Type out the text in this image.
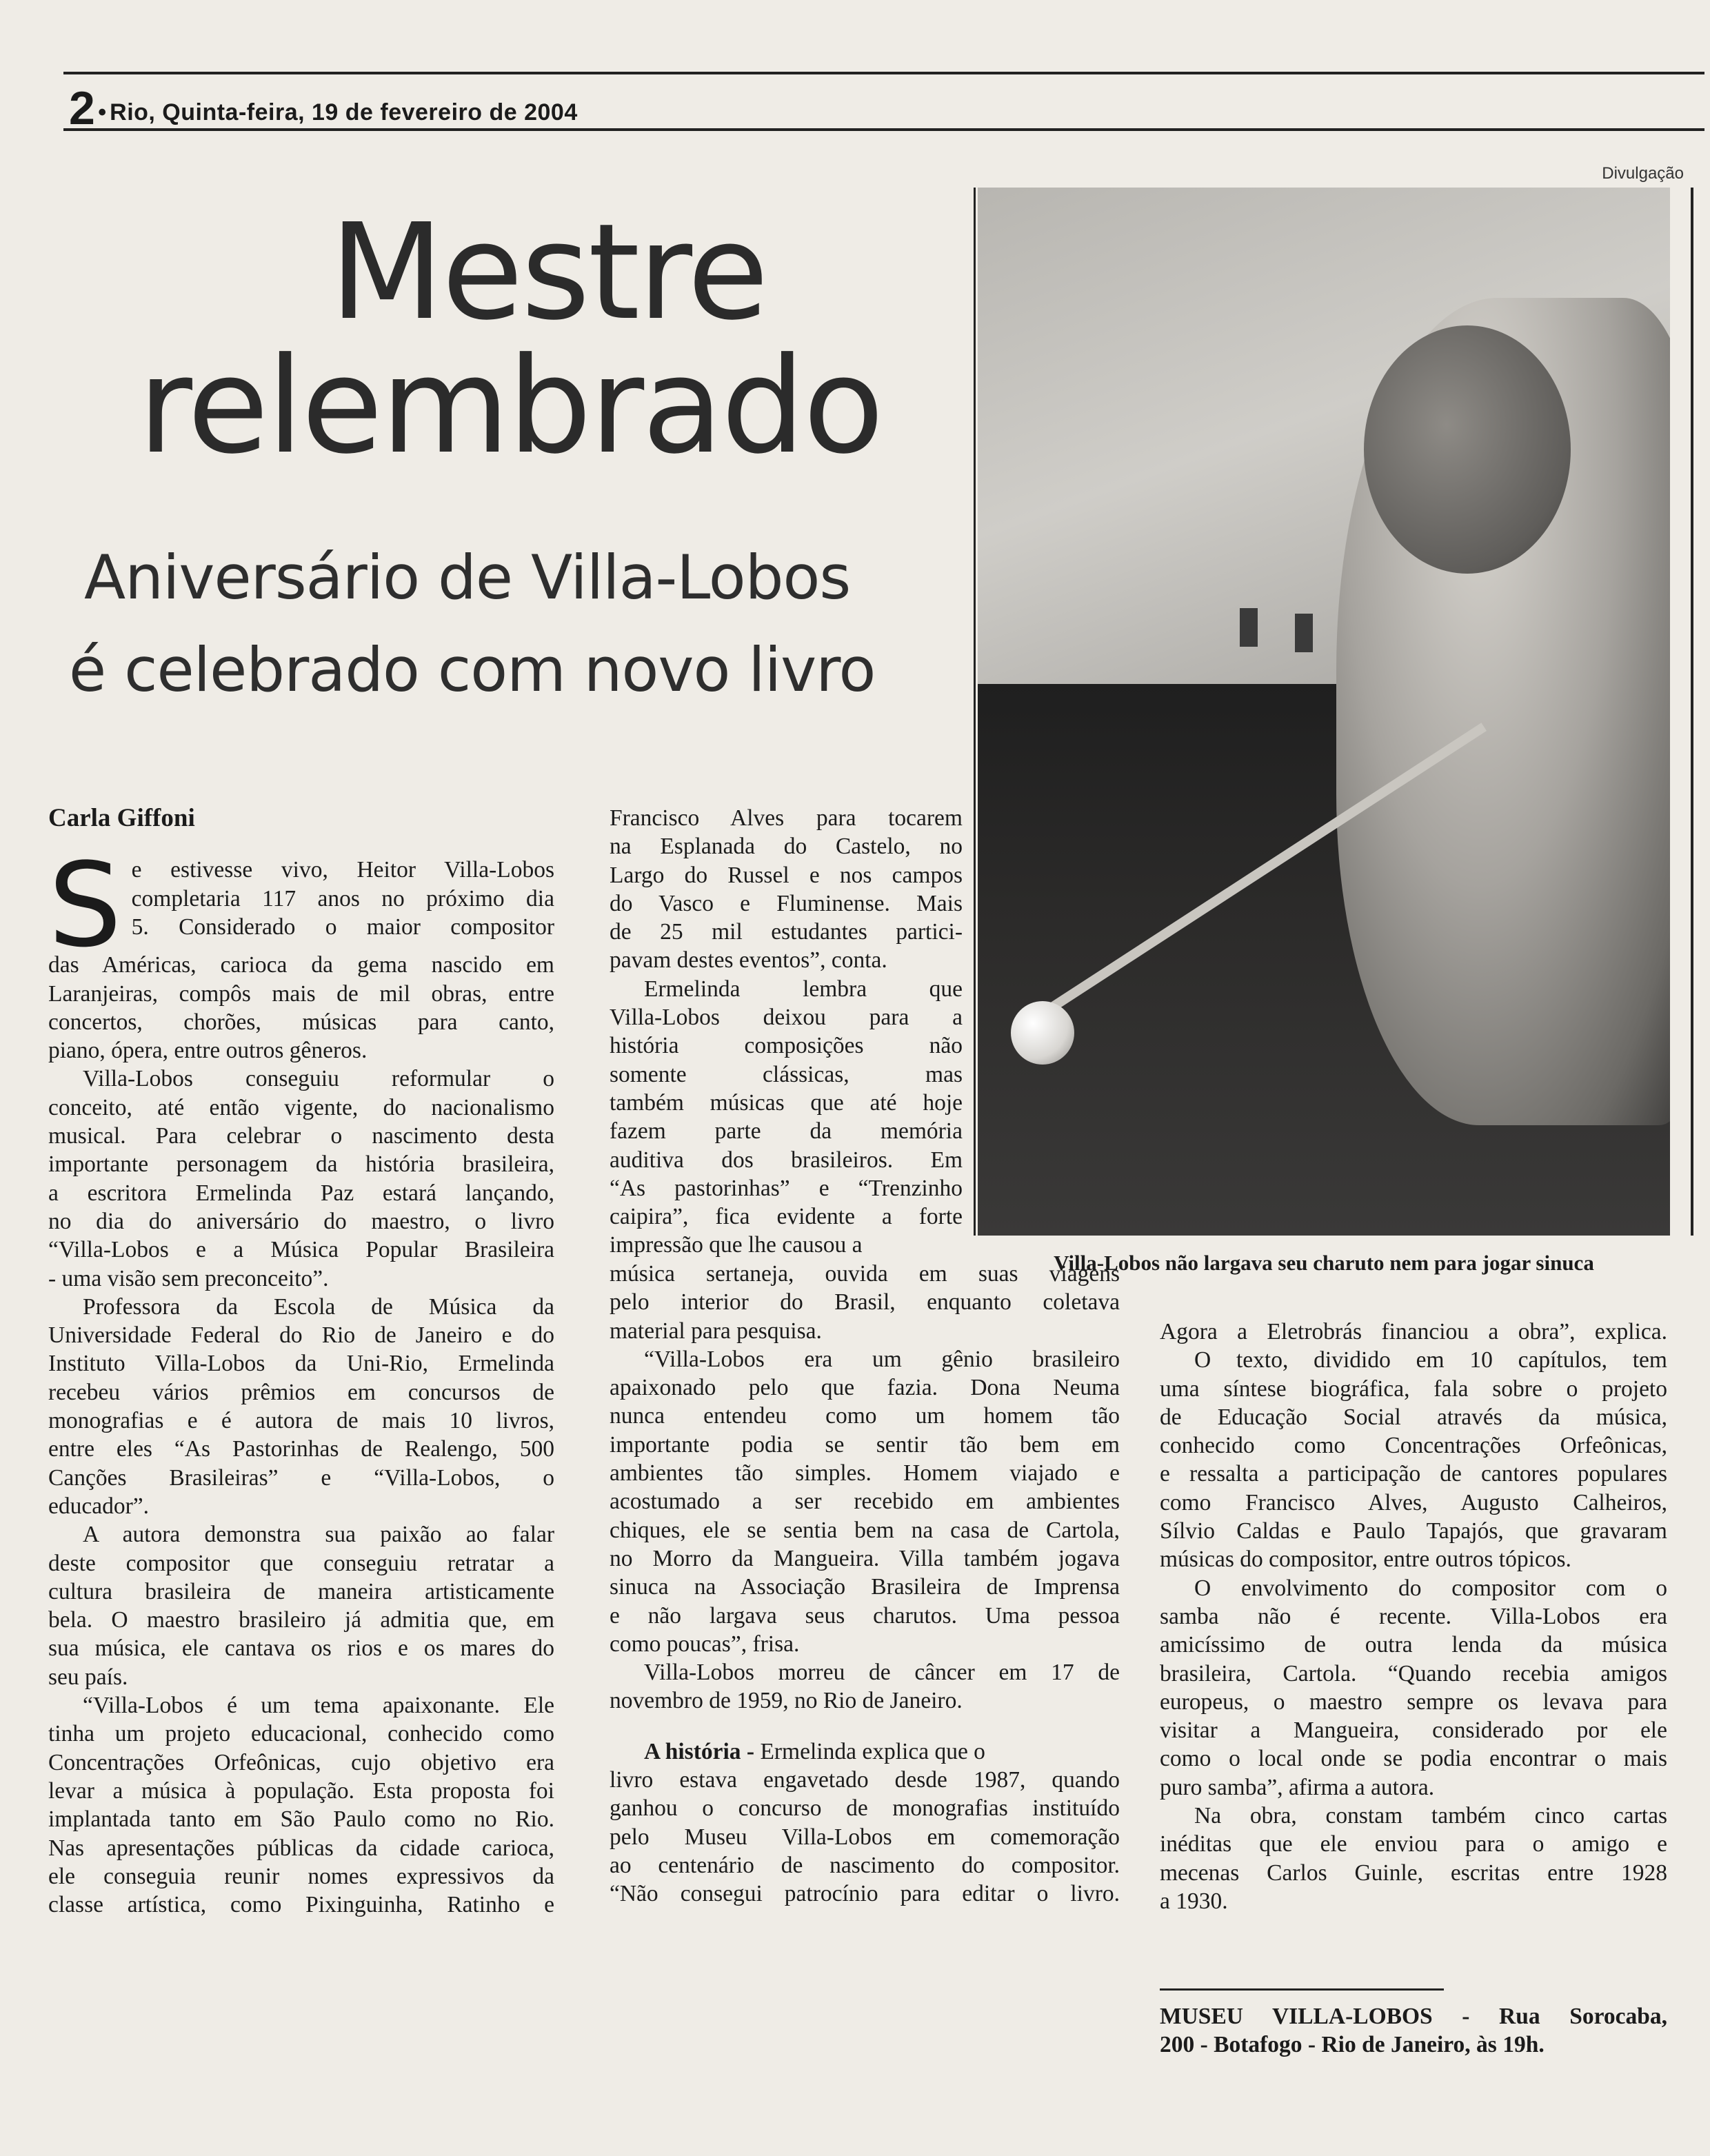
2 • Rio, Quinta-feira, 19 de fevereiro de 2004
Divulgação
Mestre
relembrado
Aniversário de Villa-Lobos
é celebrado com novo livro
Villa-Lobos não largava seu charuto nem para jogar sinuca

Carla Giffoni

S e estivesse vivo, Heitor Villa-Lobos

completaria 117 anos no próximo dia

5. Considerado o maior compositor

das Américas, carioca da gema nascido em

Laranjeiras, compôs mais de mil obras, entre

concertos, chorões, músicas para canto,

piano, ópera, entre outros gêneros.

Villa-Lobos conseguiu reformular o

conceito, até então vigente, do nacionalismo

musical. Para celebrar o nascimento desta

importante personagem da história brasileira,

a escritora Ermelinda Paz estará lançando,

no dia do aniversário do maestro, o livro

“Villa-Lobos e a Música Popular Brasileira

- uma visão sem preconceito”.

Professora da Escola de Música da

Universidade Federal do Rio de Janeiro e do

Instituto Villa-Lobos da Uni-Rio, Ermelinda

recebeu vários prêmios em concursos de

monografias e é autora de mais 10 livros,

entre eles “As Pastorinhas de Realengo, 500

Canções Brasileiras” e “Villa-Lobos, o

educador”.

A autora demonstra sua paixão ao falar

deste compositor que conseguiu retratar a

cultura brasileira de maneira artisticamente

bela. O maestro brasileiro já admitia que, em

sua música, ele cantava os rios e os mares do

seu país.

“Villa-Lobos é um tema apaixonante. Ele

tinha um projeto educacional, conhecido como

Concentrações Orfeônicas, cujo objetivo era

levar a música à população. Esta proposta foi

implantada tanto em São Paulo como no Rio.

Nas apresentações públicas da cidade carioca,

ele conseguia reunir nomes expressivos da

classe artística, como Pixinguinha, Ratinho e

Francisco Alves para tocarem

na Esplanada do Castelo, no

Largo do Russel e nos campos

do Vasco e Fluminense. Mais

de 25 mil estudantes partici-

pavam destes eventos”, conta.

Ermelinda lembra que

Villa-Lobos deixou para a

história composições não

somente clássicas, mas

também músicas que até hoje

fazem parte da memória

auditiva dos brasileiros. Em

“As pastorinhas” e “Trenzinho

caipira”, fica evidente a forte

impressão que lhe causou a

música sertaneja, ouvida em suas viagens

pelo interior do Brasil, enquanto coletava

material para pesquisa.

“Villa-Lobos era um gênio brasileiro

apaixonado pelo que fazia. Dona Neuma

nunca entendeu como um homem tão

importante podia se sentir tão bem em

ambientes tão simples. Homem viajado e

acostumado a ser recebido em ambientes

chiques, ele se sentia bem na casa de Cartola,

no Morro da Mangueira. Villa também jogava

sinuca na Associação Brasileira de Imprensa

e não largava seus charutos. Uma pessoa

como poucas”, frisa.

Villa-Lobos morreu de câncer em 17 de

novembro de 1959, no Rio de Janeiro.

A história - Ermelinda explica que o

livro estava engavetado desde 1987, quando

ganhou o concurso de monografias instituído

pelo Museu Villa-Lobos em comemoração

ao centenário de nascimento do compositor.

“Não consegui patrocínio para editar o livro.

Agora a Eletrobrás financiou a obra”, explica.

O texto, dividido em 10 capítulos, tem

uma síntese biográfica, fala sobre o projeto

de Educação Social através da música,

conhecido como Concentrações Orfeônicas,

e ressalta a participação de cantores populares

como Francisco Alves, Augusto Calheiros,

Sílvio Caldas e Paulo Tapajós, que gravaram

músicas do compositor, entre outros tópicos.

O envolvimento do compositor com o

samba não é recente. Villa-Lobos era

amicíssimo de outra lenda da música

brasileira, Cartola. “Quando recebia amigos

europeus, o maestro sempre os levava para

visitar a Mangueira, considerado por ele

como o local onde se podia encontrar o mais

puro samba”, afirma a autora.

Na obra, constam também cinco cartas

inéditas que ele enviou para o amigo e

mecenas Carlos Guinle, escritas entre 1928

a 1930.

MUSEU VILLA-LOBOS - Rua Sorocaba,

200 - Botafogo - Rio de Janeiro, às 19h.
